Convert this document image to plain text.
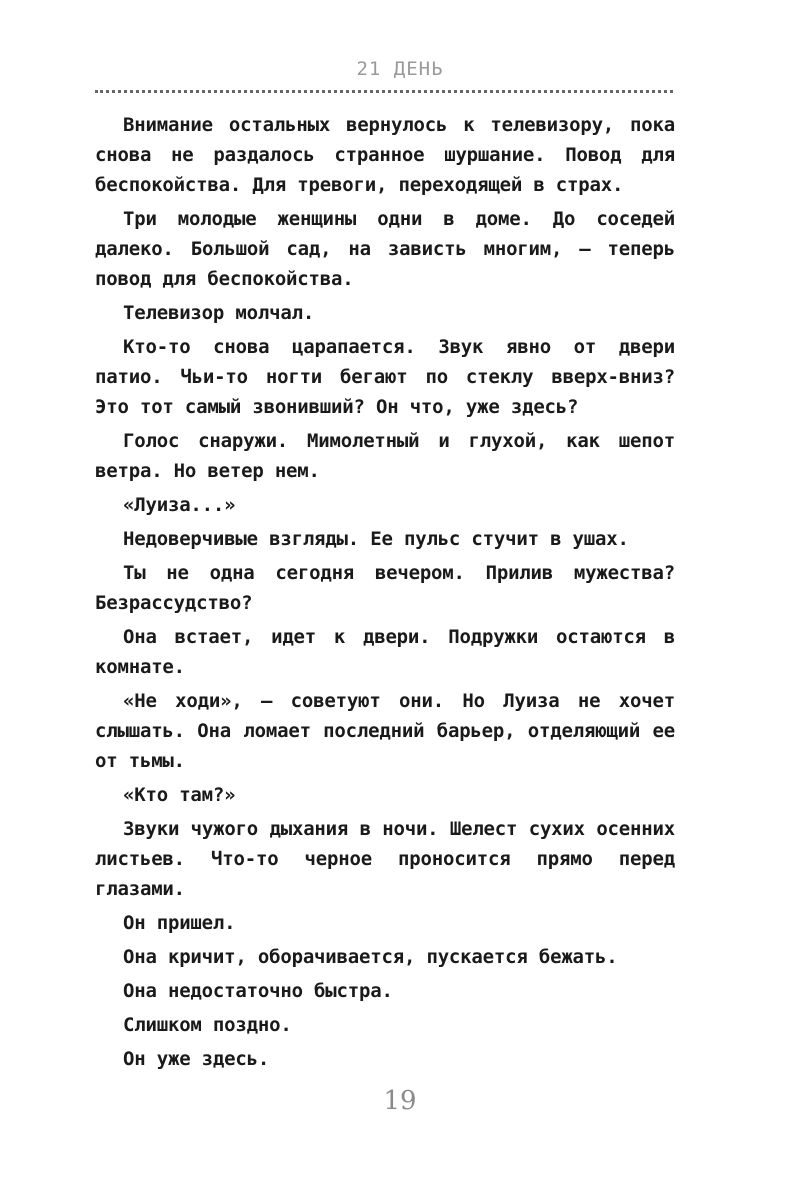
21 ДЕНЬ

Внимание остальных вернулось к телевизору, пока снова не раздалось странное шуршание. Повод для беспокойства. Для тревоги, переходящей в страх.

Три молодые женщины одни в доме. До соседей далеко. Большой сад, на зависть многим, — теперь повод для беспокойства.

Телевизор молчал.

Кто-то снова царапается. Звук явно от двери патио. Чьи-то ногти бегают по стеклу вверх-вниз? Это тот самый звонивший? Он что, уже здесь?

Голос снаружи. Мимолетный и глухой, как шепот ветра. Но ветер нем.

«Луиза...»

Недоверчивые взгляды. Ее пульс стучит в ушах.

Ты не одна сегодня вечером. Прилив мужества? Безрассудство?

Она встает, идет к двери. Подружки остаются в комнате.

«Не ходи», — советуют они. Но Луиза не хочет слышать. Она ломает последний барьер, отделяющий ее от тьмы.

«Кто там?»

Звуки чужого дыхания в ночи. Шелест сухих осенних листьев. Что-то черное проносится прямо перед глазами.

Он пришел.

Она кричит, оборачивается, пускается бежать.

Она недостаточно быстра.

Слишком поздно.

Он уже здесь.

19
